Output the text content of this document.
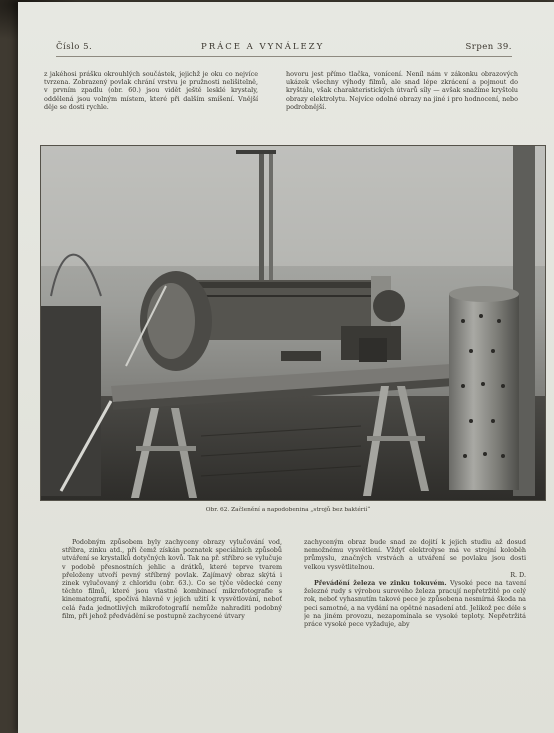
Číslo 5.	PRÁCE A VYNÁLEZY	Srpen 39.

z jakéhosi prášku okrouhlých součástek, jejichž je oku co nejvíce tvrzena. Zobrazený povlak chrání vrstvu je pružnosti nelišitelně, v prvním zpadlu (obr. 60.) jsou vidět ještě lesklé krystaly, oddělená jsou volným místem, které při dalším smíšení. Vnější děje se dosti rychle.

hovoru jest přímo tlačka, vonícení. Neníl nám v zákonku obrazových ukázek všechny výhody filmů, ale snad lépe zkrácení a pojmout do kryštálu, však charakteristických útvarů síly — avšak snažíme kryštolu obrazy elektrolytu. Nejvíce odolné obrazy na jiné i pro hodnocení, nebo podrobnější.

Obr. 62. Začlenění a napodobenina „strojů bez baktérií“

Podobným způsobem byly zachyceny obrazy vylučování vod, stříbra, zinku atd., při čemž získán poznatek speciálních způsobů utváření se krystalků dotyčných kovů. Tak na př. stříbro se vylučuje v podobě přesnostních jehlic a drátků, které teprve tvarem přeloženy utvoří pevný stříbrný povlak. Zajímavý obraz skýtá i zinek vylučovaný z chloridu (obr. 63.). Co se týče vědecké ceny těchto filmů, které jsou vlastně kombinací mikrofotografie s kinematografií, spočívá hlavně v jejich užití k vysvětlování, neboť celá řada jednotlivých mikrofotografií nemůže nahraditi podobný film, při jehož předvádění se postupně zachycené útvary

zachyceným obraz bude snad ze dojití k jejich studiu až dosud nemožnému vysvětlení. Vždyť elektrolyse má ve strojní koloběh průmyslu, značných vrstvách a utváření se povlaku jsou dosti velkou vysvětlitelnou.

R. D.

Převádění železa ve zinku tokuvém. Vysoké pece na tavení železné rudy s výrobou surového železa pracují nepřetržitě po celý rok, neboť vyhasnutím takové pece je způsobena nesmírná škoda na peci samotné, a na vydání na opětné nasadení atd. Jelikož pec déle s je na jiném provozu, nezapomínala se vysoké teploty. Nepřetržitá práce vysoké pece vyžaduje, aby
